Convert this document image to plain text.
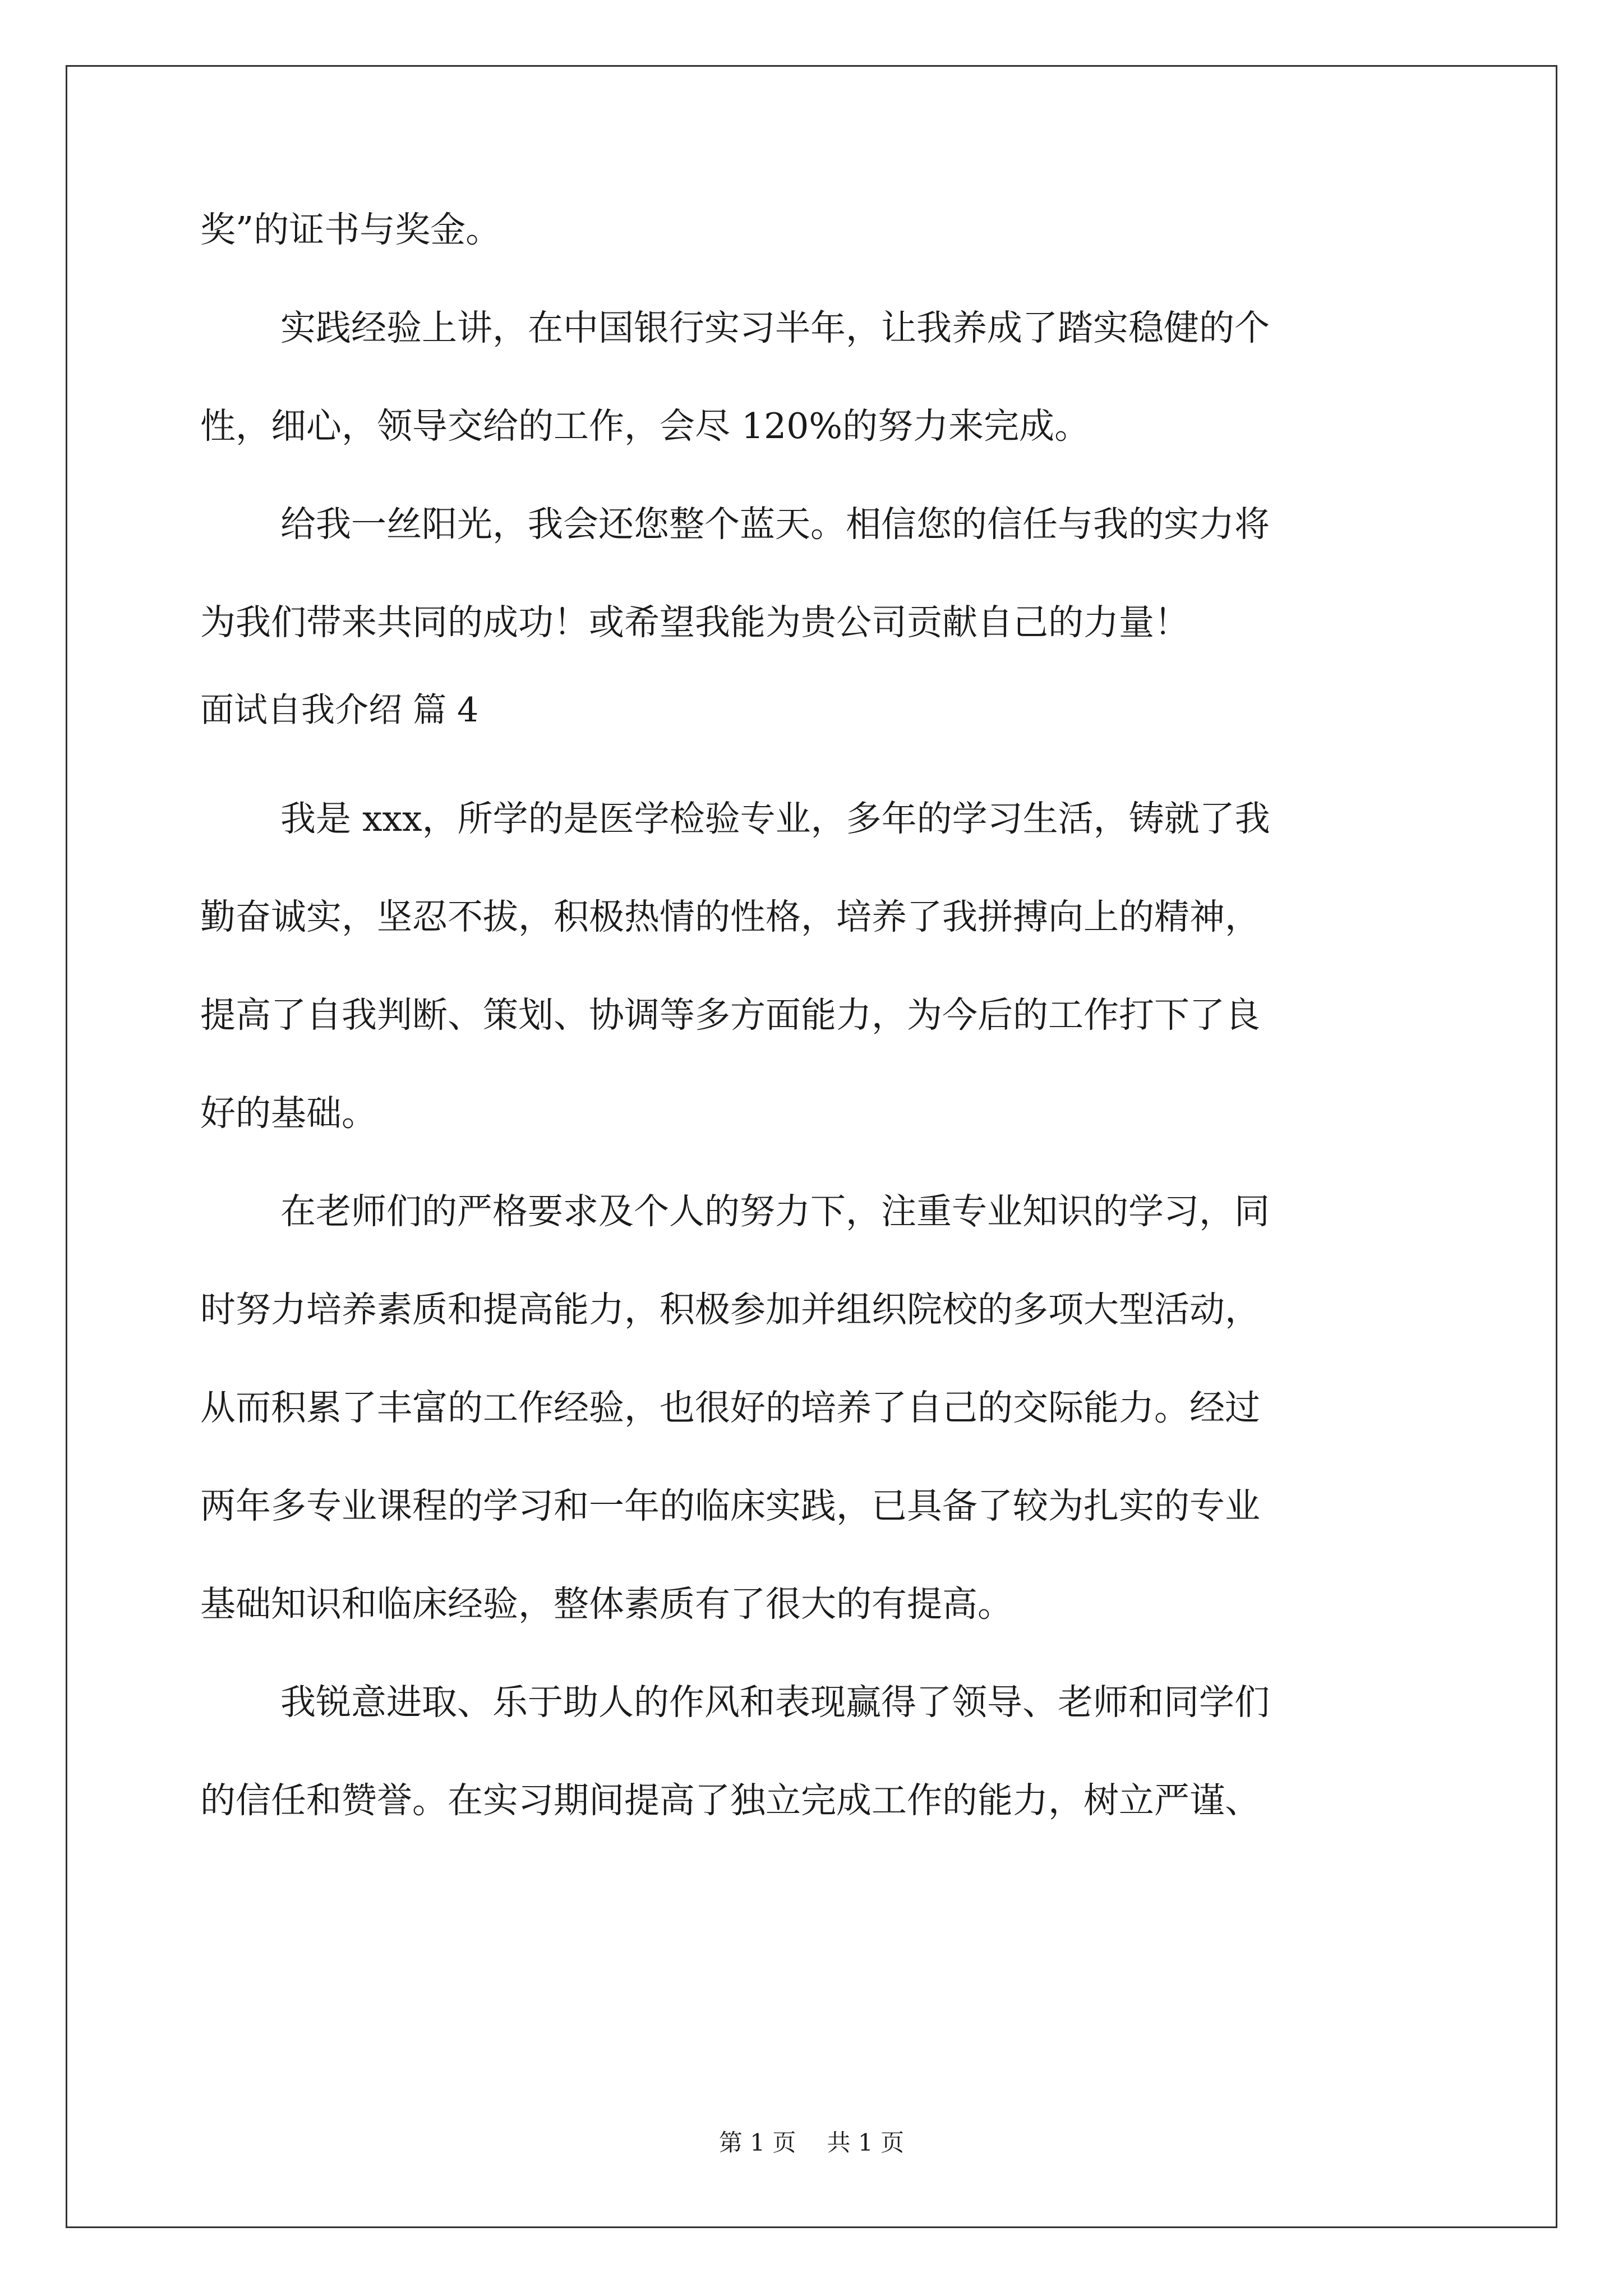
奖”的证书与奖金。
实践经验上讲，在中国银行实习半年，让我养成了踏实稳健的个
性，细心，领导交给的工作，会尽 120%的努力来完成。
给我一丝阳光，我会还您整个蓝天。相信您的信任与我的实力将
为我们带来共同的成功！或希望我能为贵公司贡献自己的力量！
面试自我介绍 篇 4
我是 xxx，所学的是医学检验专业，多年的学习生活，铸就了我
勤奋诚实，坚忍不拔，积极热情的性格，培养了我拼搏向上的精神，
提高了自我判断、策划、协调等多方面能力，为今后的工作打下了良
好的基础。
在老师们的严格要求及个人的努力下，注重专业知识的学习，同
时努力培养素质和提高能力，积极参加并组织院校的多项大型活动，
从而积累了丰富的工作经验，也很好的培养了自己的交际能力。经过
两年多专业课程的学习和一年的临床实践，已具备了较为扎实的专业
基础知识和临床经验，整体素质有了很大的有提高。
我锐意进取、乐于助人的作风和表现赢得了领导、老师和同学们
的信任和赞誉。在实习期间提高了独立完成工作的能力，树立严谨、
第 1 页　 共 1 页
